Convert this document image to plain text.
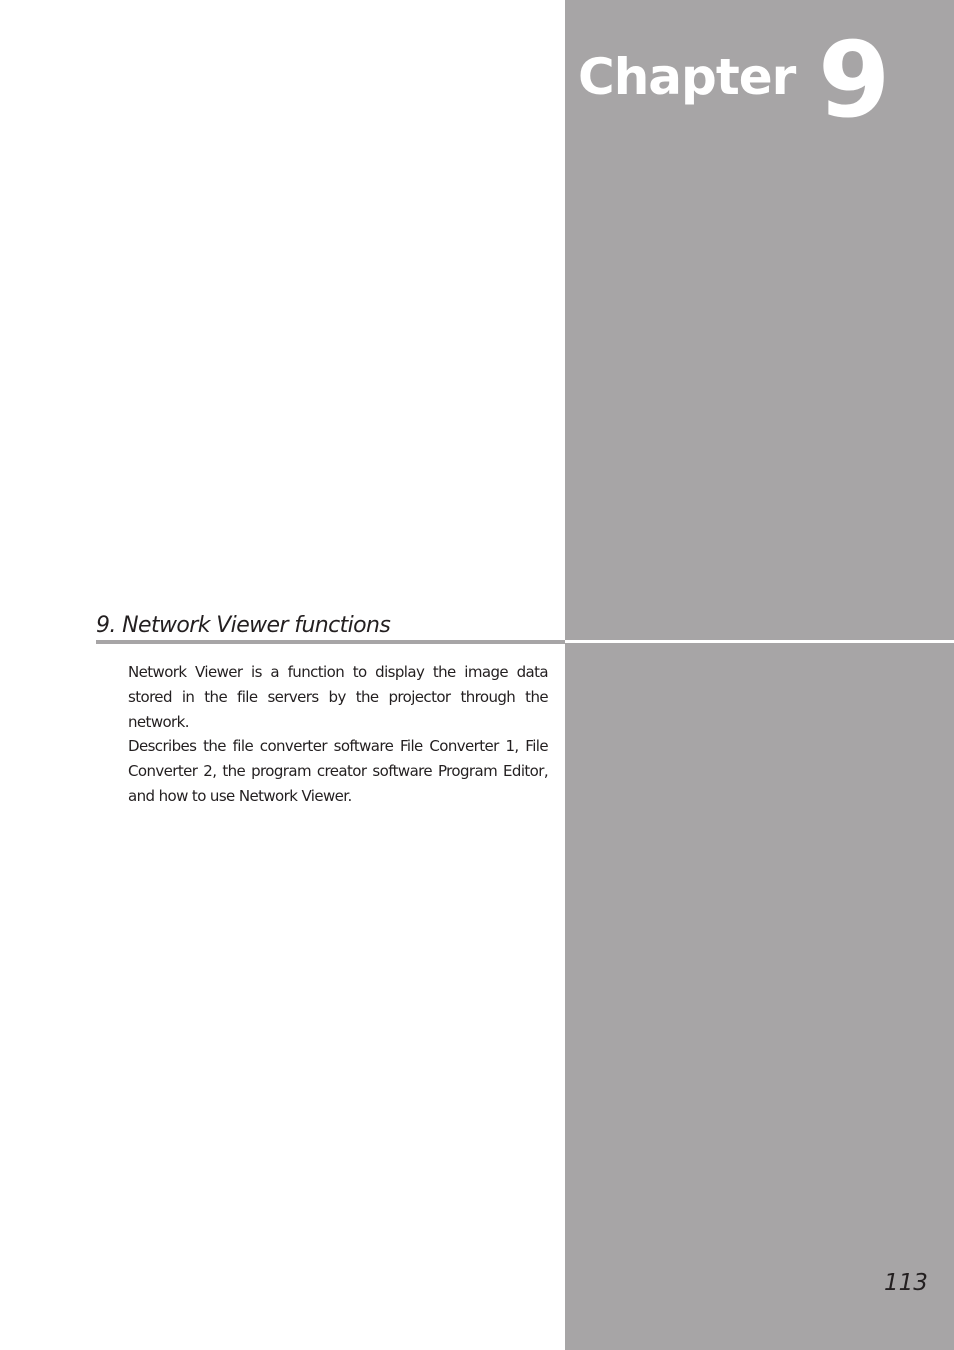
Chapter 9
9. Network Viewer functions

Network Viewer is a function to display the image data stored in the file servers by the projector through the network.

Describes the file converter software File Converter 1, File Converter 2, the program creator software Program Editor, and how to use Network Viewer.

113
